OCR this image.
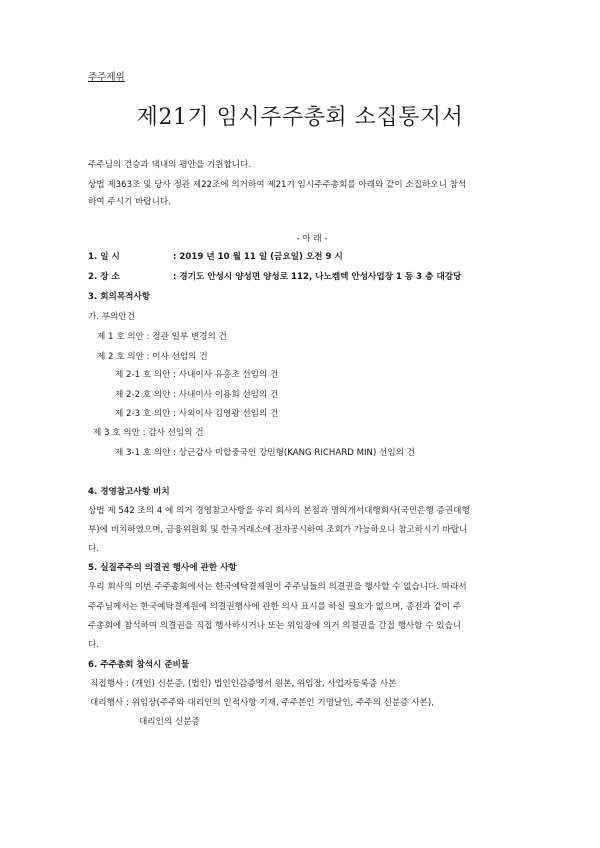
주주제위
제21기 임시주주총회 소집통지서
주주님의 건승과 댁내의 평안을 기원합니다.
상법 제363조 및 당사 정관 제22조에 의거하여 제21기 임시주주총회를 아래와 같이 소집하오니 참석
하여 주시기 바랍니다.
- 아 래 -
1. 일 시	: 2019 년 10 월 11 일 (금요일) 오전 9 시
2. 장 소	: 경기도 안성시 양성면 양성로 112, 나노켐텍 안성사업장 1 동 3 층 대강당
3. 회의목적사항
가. 부의안건
제 1 호 의안 : 정관 일부 변경의 건
제 2 호 의안 : 이사 선임의 건
제 2-1 호 의안 : 사내이사 유홍조 선임의 건
제 2-2 호 의안 : 사내이사 이용희 선임의 건
제 2-3 호 의안 : 사외이사 김영광 선임의 건
제 3 호 의안 : 감사 선임의 건
제 3-1 호 의안 : 상근감사 미합중국인 강민형(KANG RICHARD MIN) 선임의 건
4. 경영참고사항 비치
상법 제 542 조의 4 에 의거 경영참고사항을 우리 회사의 본점과 명의개서대행회사(국민은행 증권대행
부)에 비치하였으며, 금융위원회 및 한국거래소에 전자공시하여 조회가 가능하오니 참고하시기 바랍니
다.
5. 실질주주의 의결권 행사에 관한 사항
우리 회사의 이번 주주총회에서는 한국예탁결제원이 주주님들의 의결권을 행사할 수 없습니다. 따라서
주주님께서는 한국예탁결제원에 의결권행사에 관한 의사 표시를 하실 필요가 없으며, 종전과 같이 주
주총회에 참석하여 의결권을 직접 행사하시거나 또는 위임장에 의거 의결권을 간접 행사할 수 있습니
다.
6. 주주총회 참석시 준비물
직접행사 : (개인) 신분증, (법인) 법인인감증명서 원본, 위임장, 사업자등록증 사본
대리행사 : 위임장(주주와 대리인의 인적사항 기재, 주주본인 기명날인, 주주의 신분증 사본),
대리인의 신분증
